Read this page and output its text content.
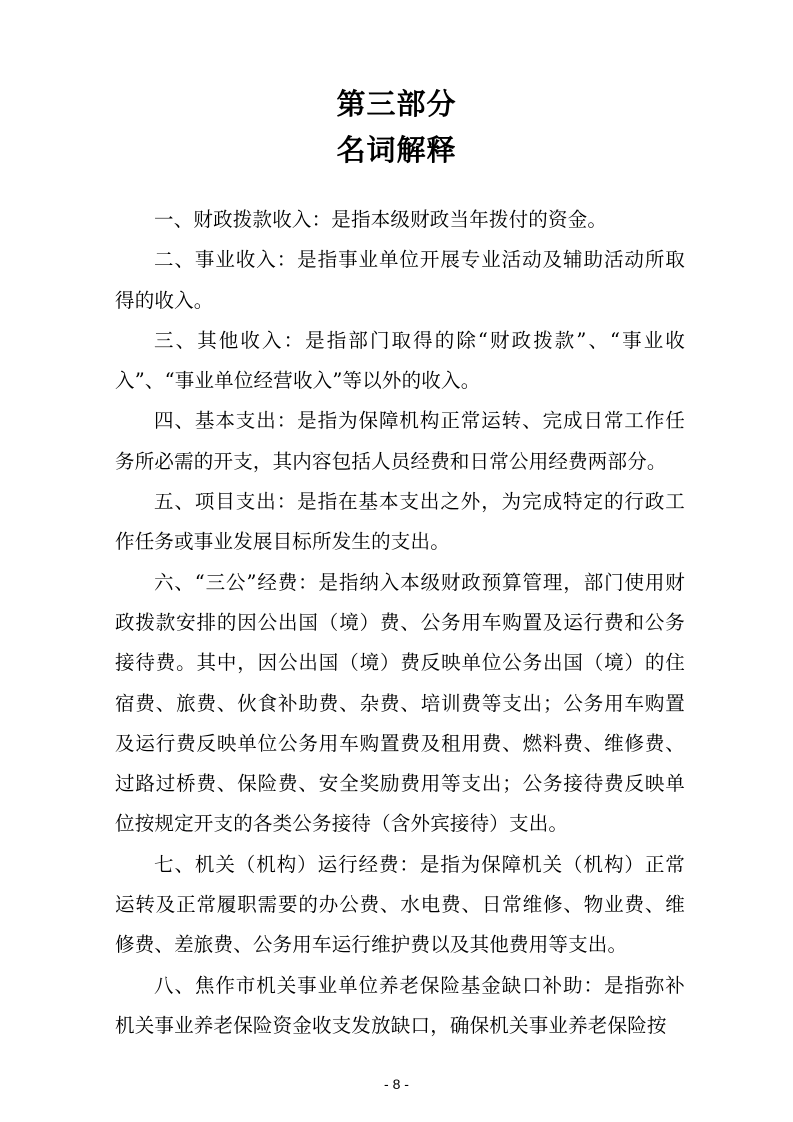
第三部分
名词解释

一、财政拨款收入：是指本级财政当年拨付的资金。

二、事业收入：是指事业单位开展专业活动及辅助活动所取得的收入。

三、其他收入：是指部门取得的除“财政拨款”、“事业收入”、“事业单位经营收入”等以外的收入。

四、基本支出：是指为保障机构正常运转、完成日常工作任务所必需的开支，其内容包括人员经费和日常公用经费两部分。

五、项目支出：是指在基本支出之外，为完成特定的行政工作任务或事业发展目标所发生的支出。

六、“三公”经费：是指纳入本级财政预算管理，部门使用财政拨款安排的因公出国（境）费、公务用车购置及运行费和公务接待费。其中，因公出国（境）费反映单位公务出国（境）的住宿费、旅费、伙食补助费、杂费、培训费等支出；公务用车购置及运行费反映单位公务用车购置费及租用费、燃料费、维修费、过路过桥费、保险费、安全奖励费用等支出；公务接待费反映单位按规定开支的各类公务接待（含外宾接待）支出。

七、机关（机构）运行经费：是指为保障机关（机构）正常运转及正常履职需要的办公费、水电费、日常维修、物业费、维修费、差旅费、公务用车运行维护费以及其他费用等支出。

八、焦作市机关事业单位养老保险基金缺口补助：是指弥补机关事业养老保险资金收支发放缺口，确保机关事业养老保险按

- 8 -
